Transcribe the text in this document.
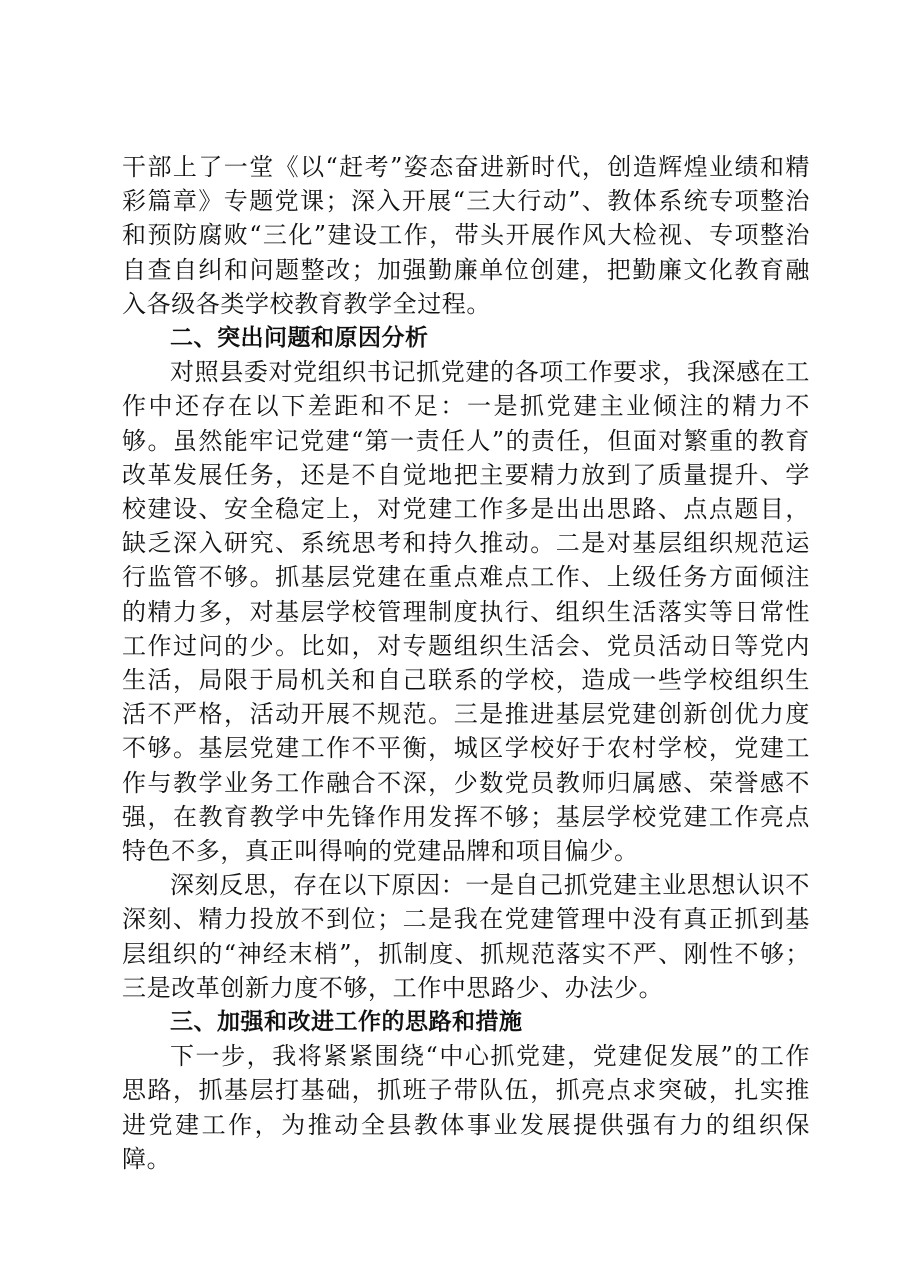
干部上了一堂《以“赶考”姿态奋进新时代，创造辉煌业绩和精彩篇章》专题党课；深入开展“三大行动”、教体系统专项整治和预防腐败“三化”建设工作，带头开展作风大检视、专项整治自查自纠和问题整改；加强勤廉单位创建，把勤廉文化教育融入各级各类学校教育教学全过程。

二、突出问题和原因分析

对照县委对党组织书记抓党建的各项工作要求，我深感在工作中还存在以下差距和不足：一是抓党建主业倾注的精力不够。虽然能牢记党建“第一责任人”的责任，但面对繁重的教育改革发展任务，还是不自觉地把主要精力放到了质量提升、学校建设、安全稳定上，对党建工作多是出出思路、点点题目，缺乏深入研究、系统思考和持久推动。二是对基层组织规范运行监管不够。抓基层党建在重点难点工作、上级任务方面倾注的精力多，对基层学校管理制度执行、组织生活落实等日常性工作过问的少。比如，对专题组织生活会、党员活动日等党内生活，局限于局机关和自己联系的学校，造成一些学校组织生活不严格，活动开展不规范。三是推进基层党建创新创优力度不够。基层党建工作不平衡，城区学校好于农村学校，党建工作与教学业务工作融合不深，少数党员教师归属感、荣誉感不强，在教育教学中先锋作用发挥不够；基层学校党建工作亮点特色不多，真正叫得响的党建品牌和项目偏少。

深刻反思，存在以下原因：一是自己抓党建主业思想认识不深刻、精力投放不到位；二是我在党建管理中没有真正抓到基层组织的“神经末梢”，抓制度、抓规范落实不严、刚性不够；三是改革创新力度不够，工作中思路少、办法少。

三、加强和改进工作的思路和措施

下一步，我将紧紧围绕“中心抓党建，党建促发展”的工作思路，抓基层打基础，抓班子带队伍，抓亮点求突破，扎实推进党建工作，为推动全县教体事业发展提供强有力的组织保障。
